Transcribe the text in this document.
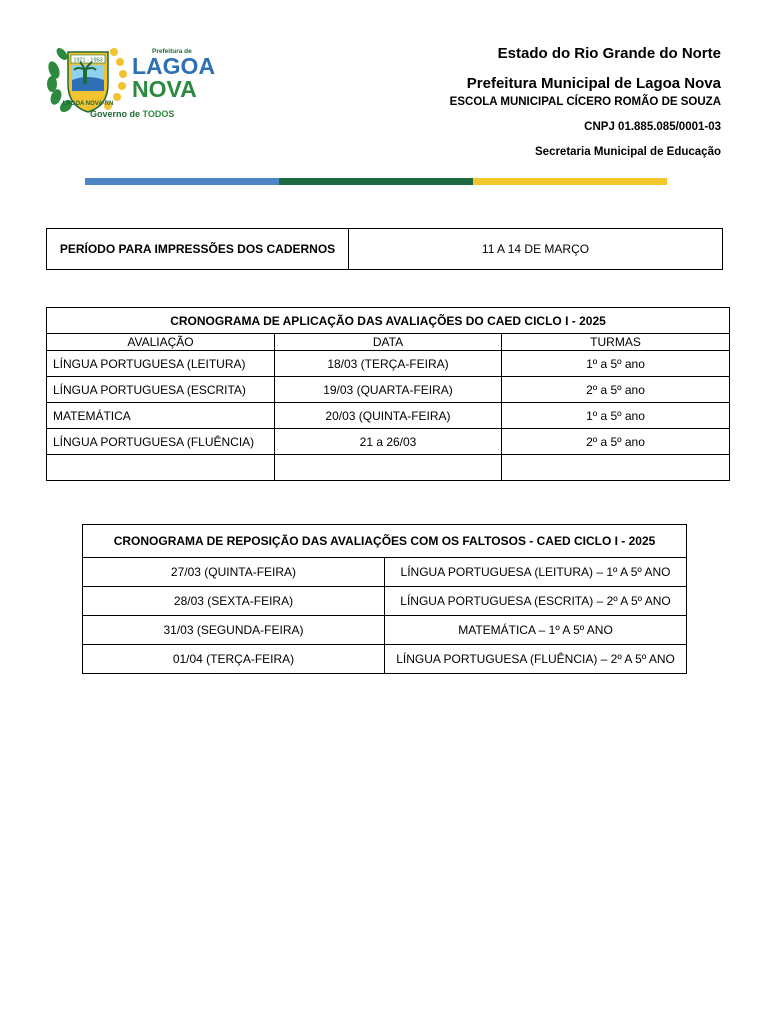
1921 - 1953
LAGOA NOVA-RN
Prefeitura de
LAGOA
NOVA
Governo de TODOS
Estado do Rio Grande do Norte
Prefeitura Municipal de Lagoa Nova
ESCOLA MUNICIPAL CÍCERO ROMÃO DE SOUZA
CNPJ 01.885.085/0001-03
Secretaria Municipal de Educação
PERÍODO PARA IMPRESSÕES DOS CADERNOS	11 A 14 DE MARÇO
CRONOGRAMA DE APLICAÇÃO DAS AVALIAÇÕES DO CAED CICLO I - 2025		
AVALIAÇÃO	DATA	TURMAS
LÍNGUA PORTUGUESA (LEITURA)	18/03 (TERÇA-FEIRA)	1º a 5º ano
LÍNGUA PORTUGUESA (ESCRITA)	19/03 (QUARTA-FEIRA)	2º a 5º ano
MATEMÁTICA	20/03 (QUINTA-FEIRA)	1º a 5º ano
LÍNGUA PORTUGUESA (FLUÊNCIA)	21 a 26/03	2º a 5º ano

CRONOGRAMA DE REPOSIÇÃO DAS AVALIAÇÕES COM OS FALTOSOS - CAED CICLO I - 2025	
27/03 (QUINTA-FEIRA)	LÍNGUA PORTUGUESA (LEITURA) – 1º A 5º ANO
28/03 (SEXTA-FEIRA)	LÍNGUA PORTUGUESA (ESCRITA) – 2º A 5º ANO
31/03 (SEGUNDA-FEIRA)	MATEMÁTICA – 1º A 5º ANO
01/04 (TERÇA-FEIRA)	LÍNGUA PORTUGUESA (FLUÊNCIA) – 2º A 5º ANO
